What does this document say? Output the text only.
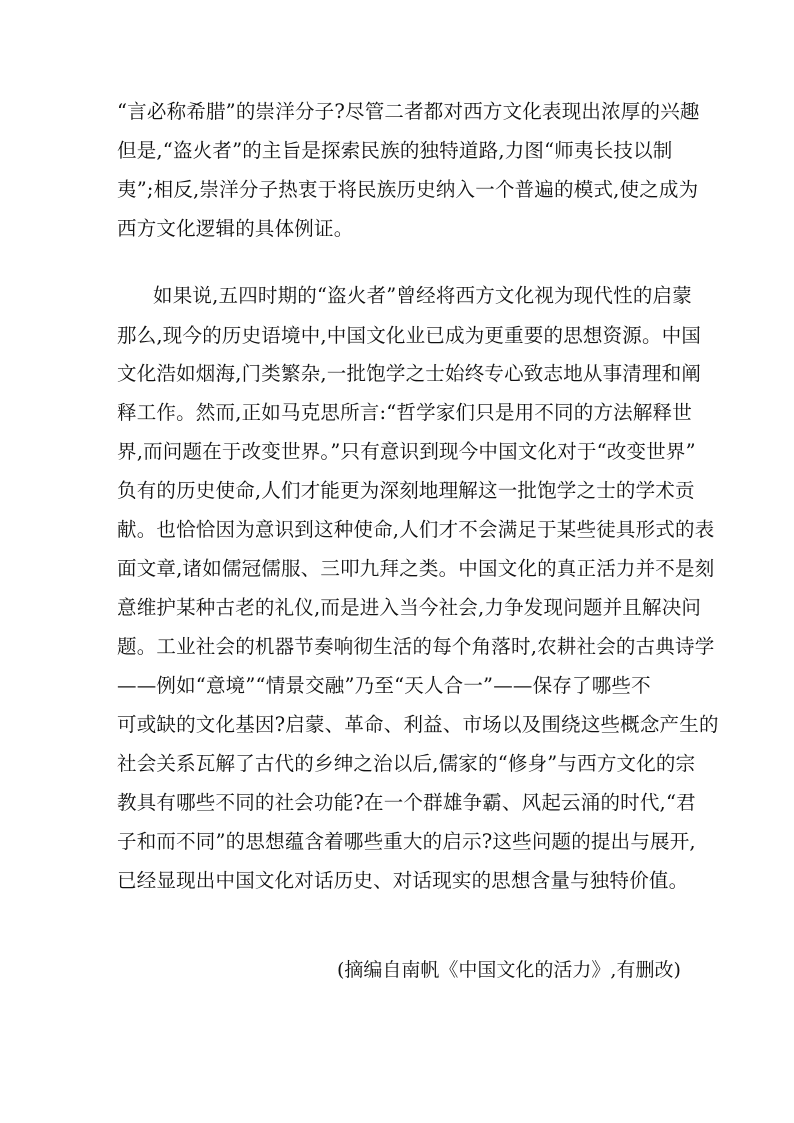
“言必称希腊”的崇洋分子?尽管二者都对西方文化表现出浓厚的兴趣
但是,“盗火者”的主旨是探索民族的独特道路,力图“师夷长技以制
夷”;相反,崇洋分子热衷于将民族历史纳入一个普遍的模式,使之成为
西方文化逻辑的具体例证。
如果说,五四时期的“盗火者”曾经将西方文化视为现代性的启蒙
那么,现今的历史语境中,中国文化业已成为更重要的思想资源。中国
文化浩如烟海,门类繁杂,一批饱学之士始终专心致志地从事清理和阐
释工作。然而,正如马克思所言:“哲学家们只是用不同的方法解释世
界,而问题在于改变世界。”只有意识到现今中国文化对于“改变世界”
负有的历史使命,人们才能更为深刻地理解这一批饱学之士的学术贡
献。也恰恰因为意识到这种使命,人们才不会满足于某些徒具形式的表
面文章,诸如儒冠儒服、三叩九拜之类。中国文化的真正活力并不是刻
意维护某种古老的礼仪,而是进入当今社会,力争发现问题并且解决问
题。工业社会的机器节奏响彻生活的每个角落时,农耕社会的古典诗学
——例如“意境”“情景交融”乃至“天人合一”——保存了哪些不
可或缺的文化基因?启蒙、革命、利益、市场以及围绕这些概念产生的
社会关系瓦解了古代的乡绅之治以后,儒家的“修身”与西方文化的宗
教具有哪些不同的社会功能?在一个群雄争霸、风起云涌的时代,“君
子和而不同”的思想蕴含着哪些重大的启示?这些问题的提出与展开,
已经显现出中国文化对话历史、对话现实的思想含量与独特价值。
(摘编自南帆《中国文化的活力》,有删改)
